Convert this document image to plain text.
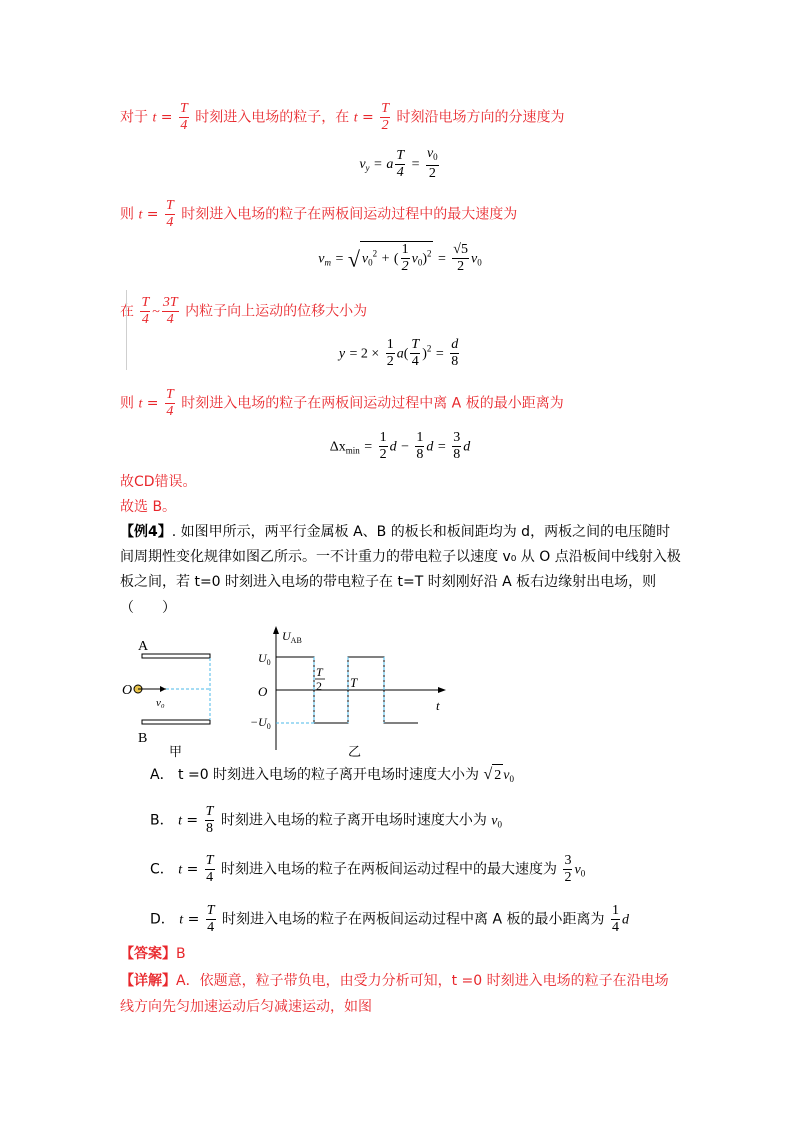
对于 $t = \frac{T}{4}$ 时刻进入电场的粒子，在 $t = \frac{T}{2}$ 时刻沿电场方向的分速度为
$v_y = a \frac{T}{4} = \frac{v_0}{2}$
则 $t = \frac{T}{4}$ 时刻进入电场的粒子在两板间运动过程中的最大速度为
$v_m$ = √ $v_0^2$ + ( $\frac{1}{2} v_0)^2 = \frac{√5}{2} v_0$
在 $\frac{T}{4}$ ~ $\frac{3T}{4}$ 内粒子向上运动的位移大小为
$y = 2 \times \frac{1}{2} a( \frac{T}{4} )^2 = \frac{d}{8}$
则 $t = \frac{T}{4}$ 时刻进入电场的粒子在两板间运动过程中离 A 板的最小距离为
$\Delta x_{min} = \frac{1}{2}$ $d - \frac{1}{8}$ $d = \frac{3}{8}$ d
故CD错误。
故选 B。
【例4】. 如图甲所示，两平行金属板 A、B 的板长和板间距均为 d，两板之间的电压随时
间周期性变化规律如图乙所示。一不计重力的带电粒子以速度 v₀ 从 O 点沿板间中线射入极
板之间，若 t=0 时刻进入电场的带电粒子在 t=T 时刻刚好沿 A 板右边缘射出电场，则
（　　）
A
B
O
v₀
甲
$U_{AB}$
t
O
$U_0$
$-U_0$
T
2 T
乙
A． t =0 时刻进入电场的粒子离开电场时速度大小为 √ 2 $v_0$
B． $t = \frac{T}{8}$ 时刻进入电场的粒子离开电场时速度大小为 $v_0$
C． $t = \frac{T}{4}$ 时刻进入电场的粒子在两板间运动过程中的最大速度为 $\frac{3}{2} v_0$
D． $t = \frac{T}{4}$ 时刻进入电场的粒子在两板间运动过程中离 A 板的最小距离为 $\frac{1}{4}$ d
【答案】B
【详解】A．依题意，粒子带负电，由受力分析可知，t =0 时刻进入电场的粒子在沿电场
线方向先匀加速运动后匀减速运动，如图
